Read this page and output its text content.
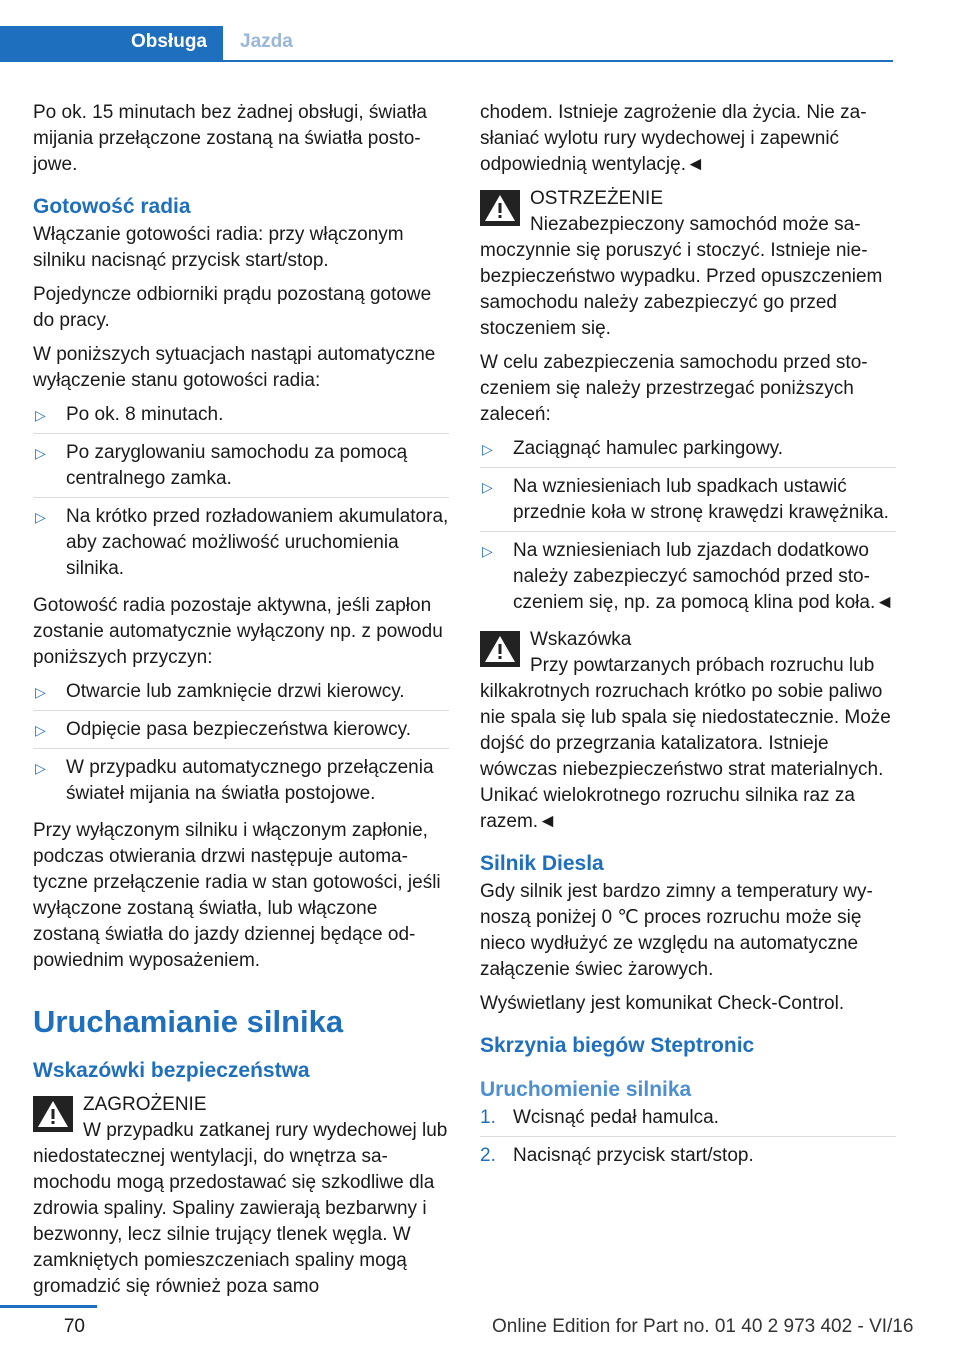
Obsługa Jazda

Po ok. 15 minutach bez żadnej obsługi, światła mijania przełączone zostaną na światła postojowe.

Gotowość radia

Włączanie gotowości radia: przy włączonym silniku nacisnąć przycisk start/stop.

Pojedyncze odbiorniki prądu pozostaną gotowe do pracy.

W poniższych sytuacjach nastąpi automatyczne wyłączenie stanu gotowości radia:

▷ Po ok. 8 minutach.
▷ Po zaryglowaniu samochodu za pomocą centralnego zamka.
▷ Na krótko przed rozładowaniem akumulatora, aby zachować możliwość uruchomienia silnika.

Gotowość radia pozostaje aktywna, jeśli zapłon zostanie automatycznie wyłączony np. z powodu poniższych przyczyn:

▷ Otwarcie lub zamknięcie drzwi kierowcy.
▷ Odpięcie pasa bezpieczeństwa kierowcy.
▷ W przypadku automatycznego przełączenia świateł mijania na światła postojowe.

Przy wyłączonym silniku i włączonym zapłonie, podczas otwierania drzwi następuje automatyczne przełączenie radia w stan gotowości, jeśli wyłączone zostaną światła, lub włączone zostaną światła do jazdy dziennej będące odpowiednim wyposażeniem.

Uruchamianie silnika
Wskazówki bezpieczeństwa
ZAGROŻENIE
W przypadku zatkanej rury wydechowej lub niedostatecznej wentylacji, do wnętrza samochodu mogą przedostawać się szkodliwe dla zdrowia spaliny. Spaliny zawierają bezbarwny i bezwonny, lecz silnie trujący tlenek węgla. W zamkniętych pomieszczeniach spaliny mogą gromadzić się również poza samo

chodem. Istnieje zagrożenie dla życia. Nie zasłaniać wylotu rury wydechowej i zapewnić odpowiednią wentylację.◄

OSTRZEŻENIE
Niezabezpieczony samochód może samoczynnie się poruszyć i stoczyć. Istnieje niebezpieczeństwo wypadku. Przed opuszczeniem samochodu należy zabezpieczyć go przed stoczeniem się.

W celu zabezpieczenia samochodu przed stoczeniem się należy przestrzegać poniższych zaleceń:

▷ Zaciągnąć hamulec parkingowy.
▷ Na wzniesieniach lub spadkach ustawić przednie koła w stronę krawędzi krawężnika.
▷ Na wzniesieniach lub zjazdach dodatkowo należy zabezpieczyć samochód przed stoczeniem się, np. za pomocą klina pod koła.◄
Wskazówka
Przy powtarzanych próbach rozruchu lub kilkakrotnych rozruchach krótko po sobie paliwo nie spala się lub spala się niedostatecznie. Może dojść do przegrzania katalizatora. Istnieje wówczas niebezpieczeństwo strat materialnych. Unikać wielokrotnego rozruchu silnika raz za razem.◄
Silnik Diesla

Gdy silnik jest bardzo zimny a temperatury wynoszą poniżej 0 ℃ proces rozruchu może się nieco wydłużyć ze względu na automatyczne załączenie świec żarowych.

Wyświetlany jest komunikat Check-Control.

Skrzynia biegów Steptronic
Uruchomienie silnika
1. Wcisnąć pedał hamulca.
2. Nacisnąć przycisk start/stop.
70	Online Edition for Part no. 01 40 2 973 402 - VI/16
